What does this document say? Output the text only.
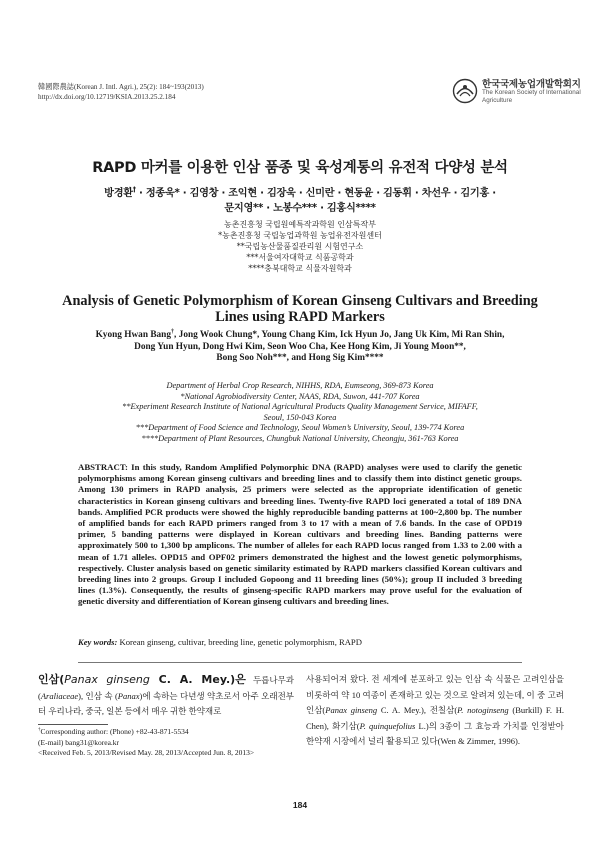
韓國際農誌(Korean J. Intl. Agri.), 25(2): 184~193(2013)
http://dx.doi.org/10.12719/KSIA.2013.25.2.184
한국국제농업개발학회지
The Korean Society of International
Agriculture
RAPD 마커를 이용한 인삼 품종 및 육성계통의 유전적 다양성 분석
방경환† · 정종욱* · 김영창 · 조익현 · 김장욱 · 신미란 · 현동윤 · 김동휘 · 차선우 · 김기홍 ·
문지영** · 노봉수*** · 김홍식****
농촌진흥청 국립원예특작과학원 인삼특작부
*농촌진흥청 국립농업과학원 농업유전자원센터
**국립농산물품질관리원 시험연구소
***서울여자대학교 식품공학과
****충북대학교 식물자원학과
Analysis of Genetic Polymorphism of Korean Ginseng Cultivars and Breeding
Lines using RAPD Markers
Kyong Hwan Bang†, Jong Wook Chung*, Young Chang Kim, Ick Hyun Jo, Jang Uk Kim, Mi Ran Shin,
Dong Yun Hyun, Dong Hwi Kim, Seon Woo Cha, Kee Hong Kim, Ji Young Moon**,
Bong Soo Noh***, and Hong Sig Kim****
Department of Herbal Crop Research, NIHHS, RDA, Eumseong, 369-873 Korea
*National Agrobiodiversity Center, NAAS, RDA, Suwon, 441-707 Korea
**Experiment Research Institute of National Agricultural Products Quality Management Service, MIFAFF,
Seoul, 150-043 Korea
***Department of Food Science and Technology, Seoul Women’s University, Seoul, 139-774 Korea
****Department of Plant Resources, Chungbuk National University, Cheongju, 361-763 Korea

ABSTRACT: In this study, Random Amplified Polymorphic DNA (RAPD) analyses were used to clarify the genetic polymorphisms among Korean ginseng cultivars and breeding lines and to classify them into distinct genetic groups. Among 130 primers in RAPD analysis, 25 primers were selected as the appropriate identification of genetic characteristics in Korean ginseng cultivars and breeding lines. Twenty-five RAPD loci generated a total of 189 DNA bands. Amplified PCR products were showed the highly reproducible banding patterns at 100~2,800 bp. The number of amplified bands for each RAPD primers ranged from 3 to 17 with a mean of 7.6 bands. In the case of OPD19 primer, 5 banding patterns were displayed in Korean cultivars and breeding lines. Banding patterns were approximately 500 to 1,300 bp amplicons. The number of alleles for each RAPD locus ranged from 1.33 to 2.00 with a mean of 1.71 alleles. OPD15 and OPF02 primers demonstrated the highest and the lowest genetic polymorphisms, respectively. Cluster analysis based on genetic similarity estimated by RAPD markers classified Korean cultivars and breeding lines into 2 groups. Group I included Gopoong and 11 breeding lines (50%); group II included 3 breeding lines (1.3%). Consequently, the results of ginseng-specific RAPD markers may prove useful for the evaluation of genetic diversity and differentiation of Korean ginseng cultivars and breeding lines.

Key words: Korean ginseng, cultivar, breeding line, genetic polymorphism, RAPD

인삼(Panax ginseng C. A. Mey.)은 두릅나무과 (Araliaceae), 인삼 속 (Panax)에 속하는 다년생 약초로서 아주 오래전부터 우리나라, 중국, 일본 등에서 매우 귀한 한약재로

†Corresponding author: (Phone) +82-43-871-5534
(E-mail) bang31@korea.kr
<Received Feb. 5, 2013/Revised May. 28, 2013/Accepted Jun. 8, 2013>

사용되어져 왔다. 전 세계에 분포하고 있는 인삼 속 식물은 고려인삼을 비롯하여 약 10 여종이 존재하고 있는 것으로 알려져 있는데, 이 중 고려인삼(Panax ginseng C. A. Mey.), 전칠삼(P. notoginseng (Burkill) F. H. Chen), 화기삼(P. quinquefolius L.)의 3종이 그 효능과 가치를 인정받아 한약재 시장에서 널리 활용되고 있다(Wen & Zimmer, 1996).

184
